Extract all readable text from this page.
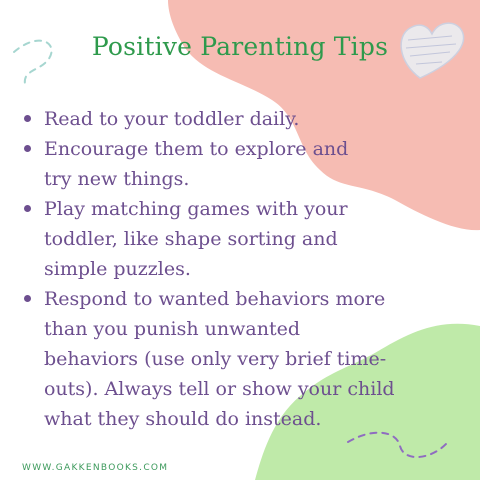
Positive Parenting Tips
Read to your toddler daily.
Encourage them to explore and
try new things.
Play matching games with your
toddler, like shape sorting and
simple puzzles.
Respond to wanted behaviors more
than you punish unwanted
behaviors (use only very brief time-
outs). Always tell or show your child
what they should do instead.
WWW.GAKKENBOOKS.COM
